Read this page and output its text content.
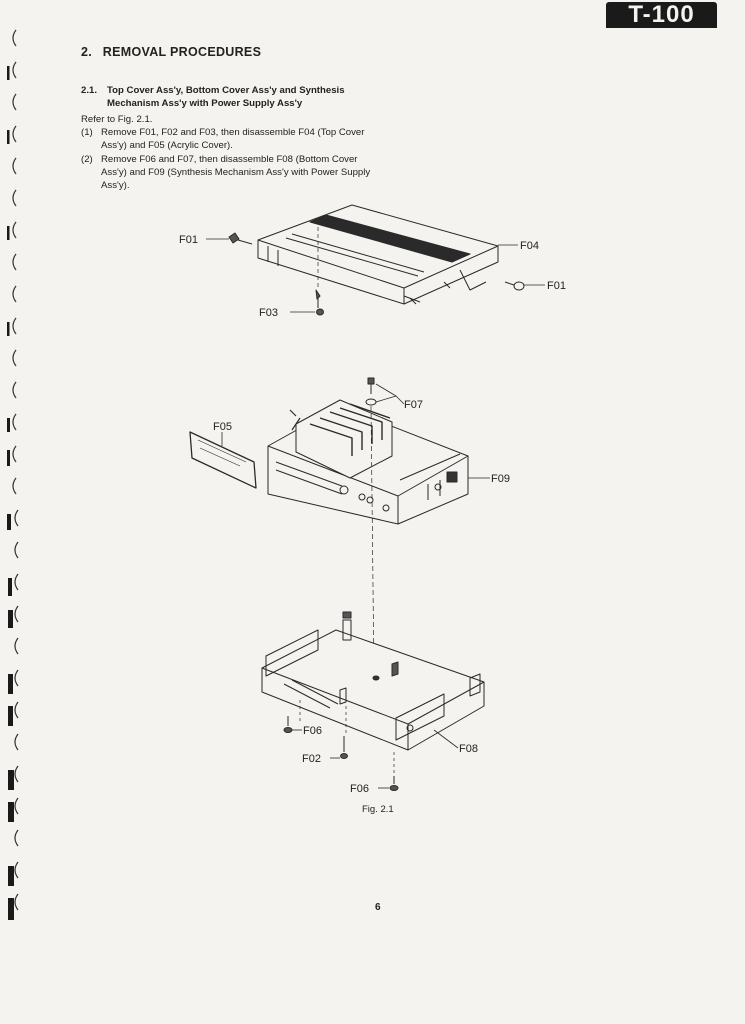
T-100
2. REMOVAL PROCEDURES
2.1.	Top Cover Ass'y, Bottom Cover Ass'y and Synthesis Mechanism Ass'y with Power Supply Ass'y
Refer to Fig. 2.1.
(1) Remove F01, F02 and F03, then disassemble F04 (Top Cover Ass'y) and F05 (Acrylic Cover).
(2) Remove F06 and F07, then disassemble F08 (Bottom Cover Ass'y) and F09 (Synthesis Mechanism Ass'y with Power Supply Ass'y).
F01	F04
F01
F03
F07
F05
F09
F06
F08
F02
F06
Fig. 2.1
6
